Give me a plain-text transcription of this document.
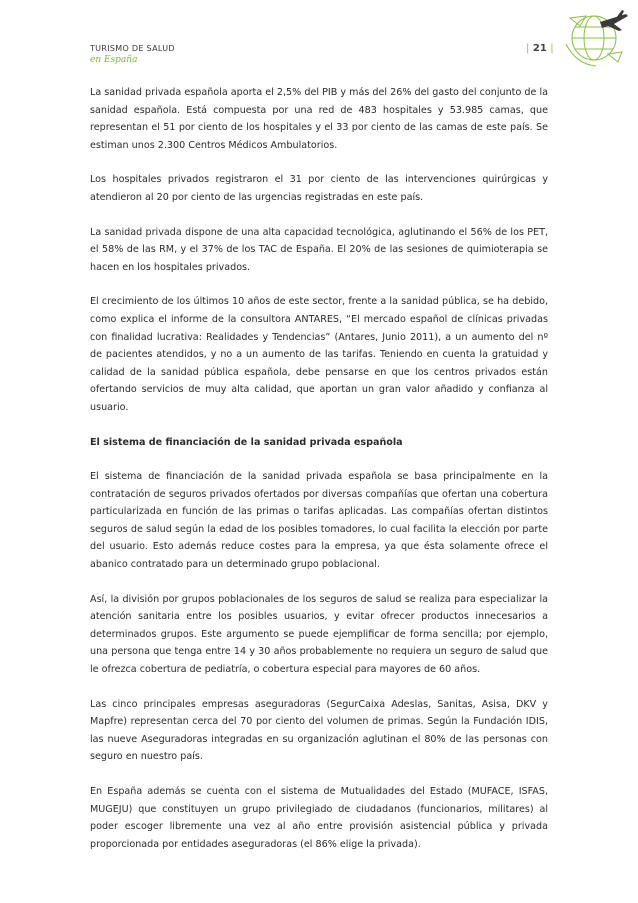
TURISMO DE SALUD
en España
| 21 |

La sanidad privada española aporta el 2,5% del PIB y más del 26% del gasto del conjunto de la sanidad española. Está compuesta por una red de 483 hospitales y 53.985 camas, que representan el 51 por ciento de los hospitales y el 33 por ciento de las camas de este país. Se estiman unos 2.300 Centros Médicos Ambulatorios.

Los hospitales privados registraron el 31 por ciento de las intervenciones quirúrgicas y atendieron al 20 por ciento de las urgencias registradas en este país.

La sanidad privada dispone de una alta capacidad tecnológica, aglutinando el 56% de los PET, el 58% de las RM, y el 37% de los TAC de España. El 20% de las sesiones de quimioterapia se hacen en los hospitales privados.

El crecimiento de los últimos 10 años de este sector, frente a la sanidad pública, se ha debido, como explica el informe de la consultora ANTARES, “El mercado español de clínicas privadas con finalidad lucrativa: Realidades y Tendencias” (Antares, Junio 2011), a un aumento del nº de pacientes atendidos, y no a un aumento de las tarifas. Teniendo en cuenta la gratuidad y calidad de la sanidad pública española, debe pensarse en que los centros privados están ofertando servicios de muy alta calidad, que aportan un gran valor añadido y confianza al usuario.

El sistema de financiación de la sanidad privada española

El sistema de financiación de la sanidad privada española se basa principalmente en la contratación de seguros privados ofertados por diversas compañías que ofertan una cobertura particularizada en función de las primas o tarifas aplicadas. Las compañías ofertan distintos seguros de salud según la edad de los posibles tomadores, lo cual facilita la elección por parte del usuario. Esto además reduce costes para la empresa, ya que ésta solamente ofrece el abanico contratado para un determinado grupo poblacional.

Así, la división por grupos poblacionales de los seguros de salud se realiza para especializar la atención sanitaria entre los posibles usuarios, y evitar ofrecer productos innecesarios a determinados grupos. Este argumento se puede ejemplificar de forma sencilla; por ejemplo, una persona que tenga entre 14 y 30 años probablemente no requiera un seguro de salud que le ofrezca cobertura de pediatría, o cobertura especial para mayores de 60 años.

Las cinco principales empresas aseguradoras (SegurCaixa Adeslas, Sanitas, Asisa, DKV y Mapfre) representan cerca del 70 por ciento del volumen de primas. Según la Fundación IDIS, las nueve Aseguradoras integradas en su organización aglutinan el 80% de las personas con seguro en nuestro país.

En España además se cuenta con el sistema de Mutualidades del Estado (MUFACE, ISFAS, MUGEJU) que constituyen un grupo privilegiado de ciudadanos (funcionarios, militares) al poder escoger libremente una vez al año entre provisión asistencial pública y privada proporcionada por entidades aseguradoras (el 86% elige la privada).
